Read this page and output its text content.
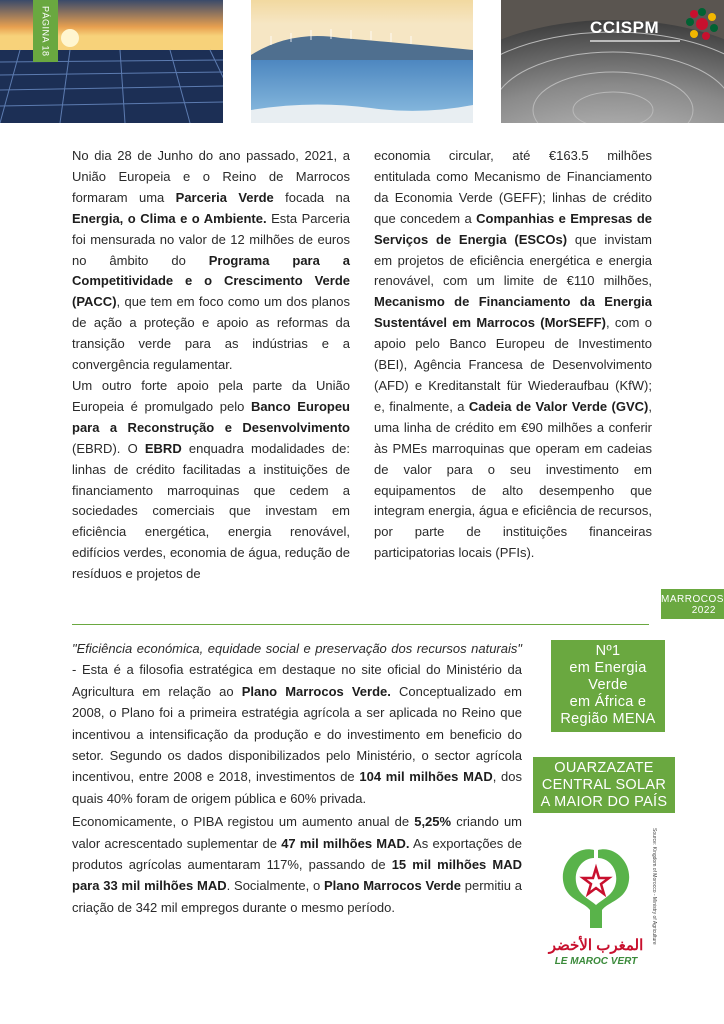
PÁGINA 18	CCISPM

No dia 28 de Junho do ano passado, 2021, a União Europeia e o Reino de Marrocos formaram uma Parceria Verde focada na Energia, o Clima e o Ambiente. Esta Parceria foi mensurada no valor de 12 milhões de euros no âmbito do Programa para a Competitividade e o Crescimento Verde (PACC), que tem em foco como um dos planos de ação a proteção e apoio as reformas da transição verde para as indústrias e a convergência regulamentar.

Um outro forte apoio pela parte da União Europeia é promulgado pelo Banco Europeu para a Reconstrução e Desenvolvimento (EBRD). O EBRD enquadra modalidades de: linhas de crédito facilitadas a instituições de financiamento marroquinas que cedem a sociedades comerciais que investam em eficiência energética, energia renovável, edifícios verdes, economia de água, redução de resíduos e projetos de

economia circular, até €163.5 milhões entitulada como Mecanismo de Financiamento da Economia Verde (GEFF); linhas de crédito que concedem a Companhias e Empresas de Serviços de Energia (ESCOs) que invistam em projetos de eficiência energética e energia renovável, com um limite de €110 milhões, Mecanismo de Financiamento da Energia Sustentável em Marrocos (MorSEFF), com o apoio pelo Banco Europeu de Investimento (BEI), Agência Francesa de Desenvolvimento (AFD) e Kreditanstalt für Wiederaufbau (KfW); e, finalmente, a Cadeia de Valor Verde (GVC), uma linha de crédito em €90 milhões a conferir às PMEs marroquinas que operam em cadeias de valor para o seu investimento em equipamentos de alto desempenho que integram energia, água e eficiência de recursos, por parte de instituições financeiras participatorias locais (PFIs).

MARROCOS
2022

"Eficiência económica, equidade social e preservação dos recursos naturais" - Esta é a filosofia estratégica em destaque no site oficial do Ministério da Agricultura em relação ao Plano Marrocos Verde. Conceptualizado em 2008, o Plano foi a primeira estratégia agrícola a ser aplicada no Reino que incentivou a intensificação da produção e do investimento em beneficio do setor. Segundo os dados disponibilizados pelo Ministério, o sector agrícola incentivou, entre 2008 e 2018, investimentos de 104 mil milhões MAD, dos quais 40% foram de origem pública e 60% privada.

Economicamente, o PIBA registou um aumento anual de 5,25% criando um valor acrescentado suplementar de 47 mil milhões MAD. As exportações de produtos agrícolas aumentaram 117%, passando de 15 mil milhões MAD para 33 mil milhões MAD. Socialmente, o Plano Marrocos Verde permitiu a criação de 342 mil empregos durante o mesmo período.

Nº1
em Energia
Verde
em África e
Região MENA
OUARZAZATE
CENTRAL SOLAR
A MAIOR DO PAÍS
المغرب الأخضر
LE MAROC VERT
Source: Kingdom of Morocco - Ministry of Agriculture
